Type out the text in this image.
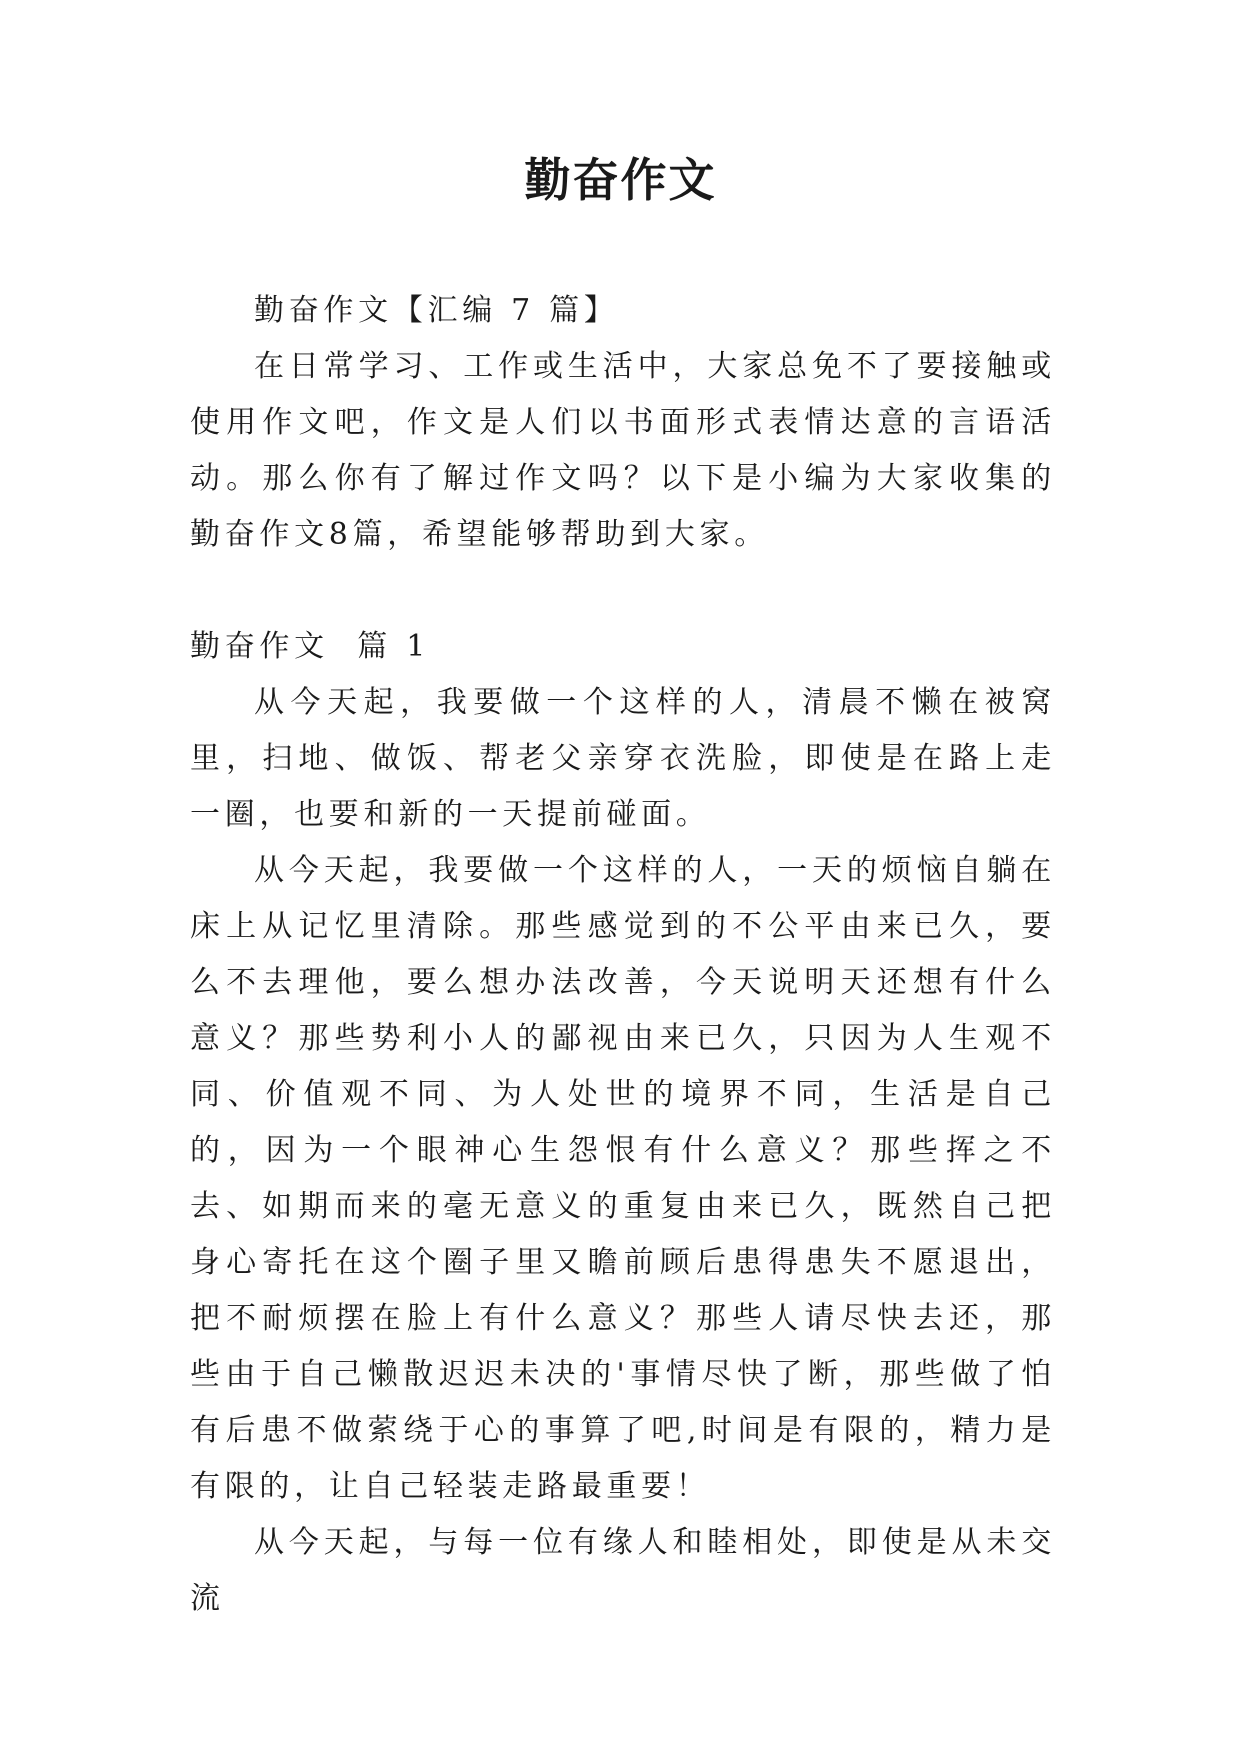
勤奋作文

勤奋作文【汇编 7 篇】

在日常学习、工作或生活中，大家总免不了要接触或使用作文吧，作文是人们以书面形式表情达意的言语活动。那么你有了解过作文吗？以下是小编为大家收集的勤奋作文8篇，希望能够帮助到大家。

勤奋作文  篇 1

从今天起，我要做一个这样的人，清晨不懒在被窝里，扫地、做饭、帮老父亲穿衣洗脸，即使是在路上走一圈，也要和新的一天提前碰面。

从今天起，我要做一个这样的人，一天的烦恼自躺在床上从记忆里清除。那些感觉到的不公平由来已久，要么不去理他，要么想办法改善，今天说明天还想有什么意义？那些势利小人的鄙视由来已久，只因为人生观不同、价值观不同、为人处世的境界不同，生活是自己的，因为一个眼神心生怨恨有什么意义？那些挥之不去、如期而来的毫无意义的重复由来已久，既然自己把身心寄托在这个圈子里又瞻前顾后患得患失不愿退出，把不耐烦摆在脸上有什么意义？那些人请尽快去还，那些由于自己懒散迟迟未决的'事情尽快了断，那些做了怕有后患不做萦绕于心的事算了吧,时间是有限的，精力是有限的，让自己轻装走路最重要！

从今天起，与每一位有缘人和睦相处，即使是从未交流
